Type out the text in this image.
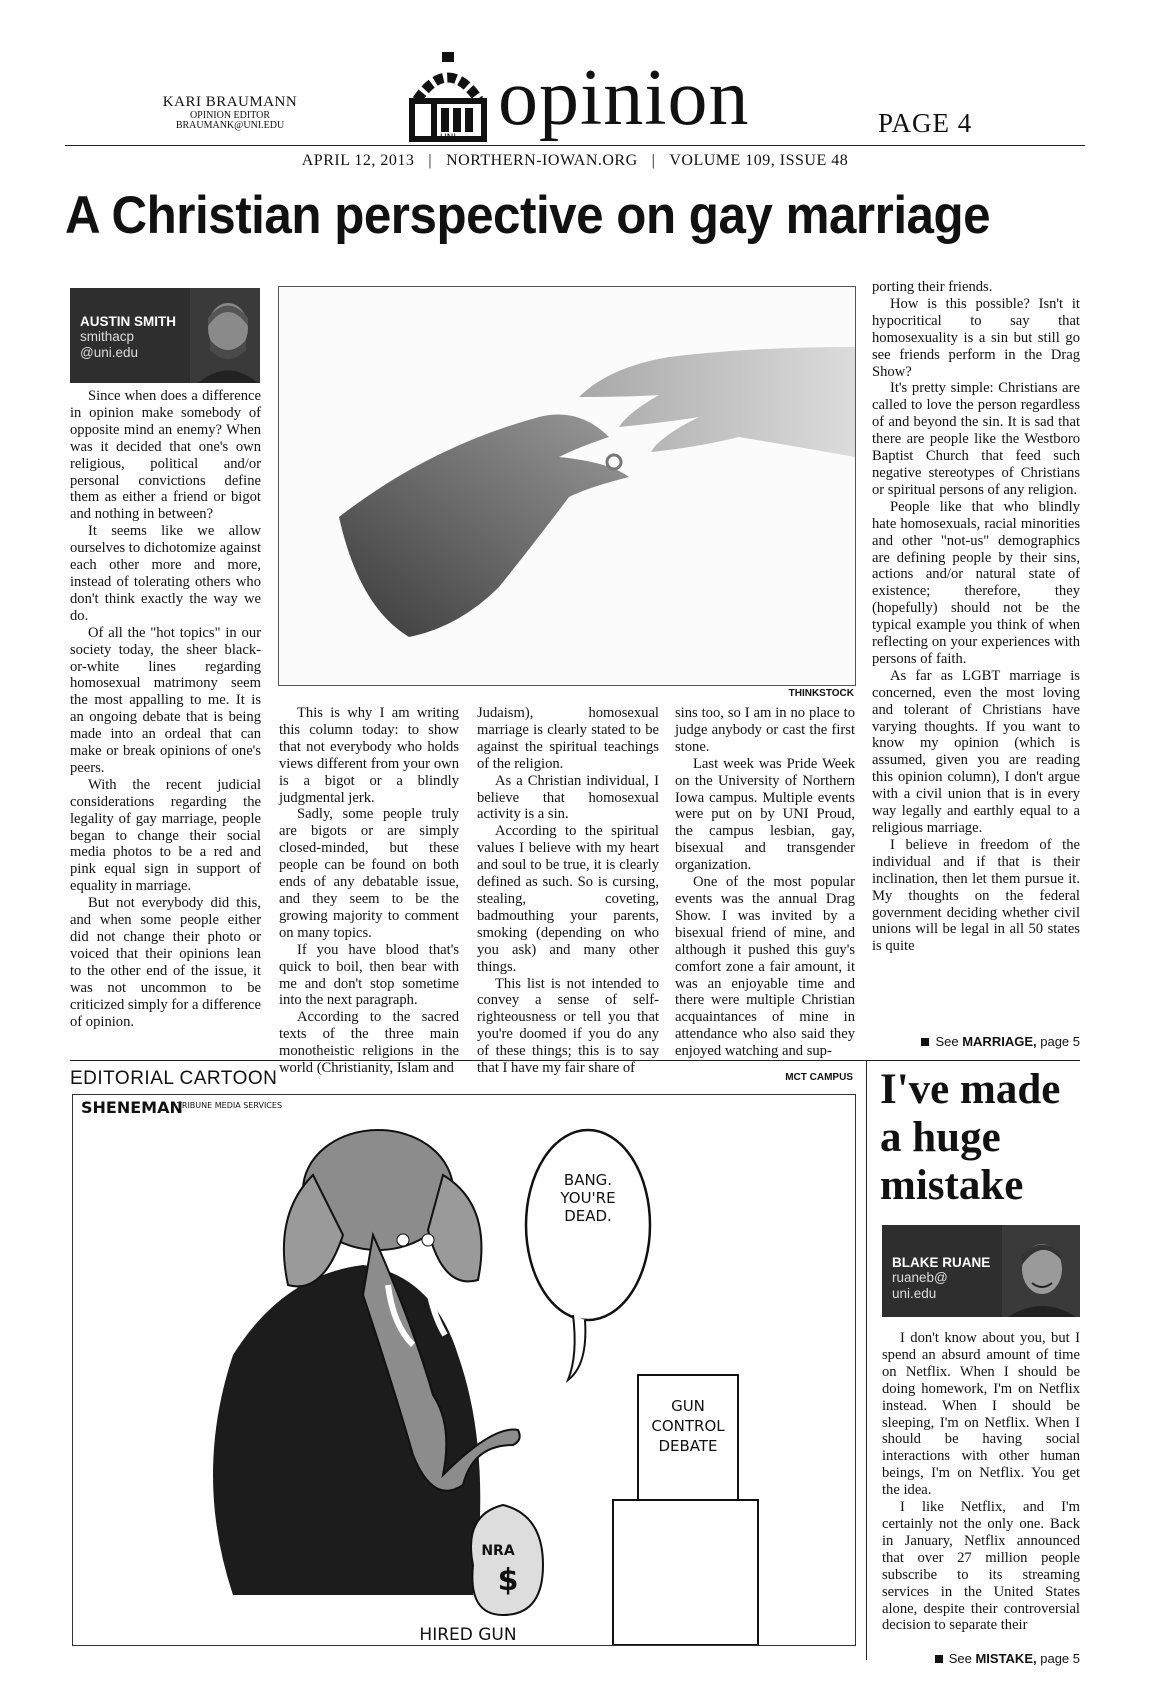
KARI BRAUMANN
OPINION EDITOR
BRAUMANK@UNI.EDU
UNI opinion	PAGE 4
APRIL 12, 2013 | NORTHERN-IOWAN.ORG | VOLUME 109, ISSUE 48
A Christian perspective on gay marriage
AUSTIN SMITH
smithacp
@uni.edu

Since when does a difference in opinion make somebody of opposite mind an enemy? When was it decided that one's own religious, political and/or personal convictions define them as either a friend or bigot and nothing in between?

It seems like we allow ourselves to dichotomize against each other more and more, instead of tolerating others who don't think exactly the way we do.

Of all the "hot topics" in our society today, the sheer black-or-white lines regarding homosexual matrimony seem the most appalling to me. It is an ongoing debate that is being made into an ordeal that can make or break opinions of one's peers.

With the recent judicial considerations regarding the legality of gay marriage, people began to change their social media photos to be a red and pink equal sign in support of equality in marriage.

But not everybody did this, and when some people either did not change their photo or voiced that their opinions lean to the other end of the issue, it was not uncommon to be criticized simply for a difference of opinion.

THINKSTOCK

This is why I am writing this column today: to show that not everybody who holds views different from your own is a bigot or a blindly judgmental jerk.

Sadly, some people truly are bigots or are simply closed-minded, but these people can be found on both ends of any debatable issue, and they seem to be the growing majority to comment on many topics.

If you have blood that's quick to boil, then bear with me and don't stop sometime into the next paragraph.

According to the sacred texts of the three main monotheistic religions in the world (Christianity, Islam and

Judaism), homosexual marriage is clearly stated to be against the spiritual teachings of the religion.

As a Christian individual, I believe that homosexual activity is a sin.

According to the spiritual values I believe with my heart and soul to be true, it is clearly defined as such. So is cursing, stealing, coveting, badmouthing your parents, smoking (depending on who you ask) and many other things.

This list is not intended to convey a sense of self-righteousness or tell you that you're doomed if you do any of these things; this is to say that I have my fair share of

sins too, so I am in no place to judge anybody or cast the first stone.

Last week was Pride Week on the University of Northern Iowa campus. Multiple events were put on by UNI Proud, the campus lesbian, gay, bisexual and transgender organization.

One of the most popular events was the annual Drag Show. I was invited by a bisexual friend of mine, and although it pushed this guy's comfort zone a fair amount, it was an enjoyable time and there were multiple Christian acquaintances of mine in attendance who also said they enjoyed watching and sup-

porting their friends.

How is this possible? Isn't it hypocritical to say that homosexuality is a sin but still go see friends perform in the Drag Show?

It's pretty simple: Christians are called to love the person regardless of and beyond the sin. It is sad that there are people like the Westboro Baptist Church that feed such negative stereotypes of Christians or spiritual persons of any religion.

People like that who blindly hate homosexuals, racial minorities and other "not-us" demographics are defining people by their sins, actions and/or natural state of existence; therefore, they (hopefully) should not be the typical example you think of when reflecting on your experiences with persons of faith.

As far as LGBT marriage is concerned, even the most loving and tolerant of Christians have varying thoughts. If you want to know my opinion (which is assumed, given you are reading this opinion column), I don't argue with a civil union that is in every way legally and earthly equal to a religious marriage.

I believe in freedom of the individual and if that is their inclination, then let them pursue it. My thoughts on the federal government deciding whether civil unions will be legal in all 50 states is quite

See MARRIAGE, page 5
EDITORIAL CARTOON	MCT CAMPUS
SHENEMAN
TRIBUNE MEDIA SERVICES
BANG.
YOU'RE
DEAD.
NRA
$
GUN
CONTROL
DEBATE
HIRED GUN
I've made
a huge
mistake
BLAKE RUANE
ruaneb@
uni.edu

I don't know about you, but I spend an absurd amount of time on Netflix. When I should be doing homework, I'm on Netflix instead. When I should be sleeping, I'm on Netflix. When I should be having social interactions with other human beings, I'm on Netflix. You get the idea.

I like Netflix, and I'm certainly not the only one. Back in January, Netflix announced that over 27 million people subscribe to its streaming services in the United States alone, despite their controversial decision to separate their

See MISTAKE, page 5
